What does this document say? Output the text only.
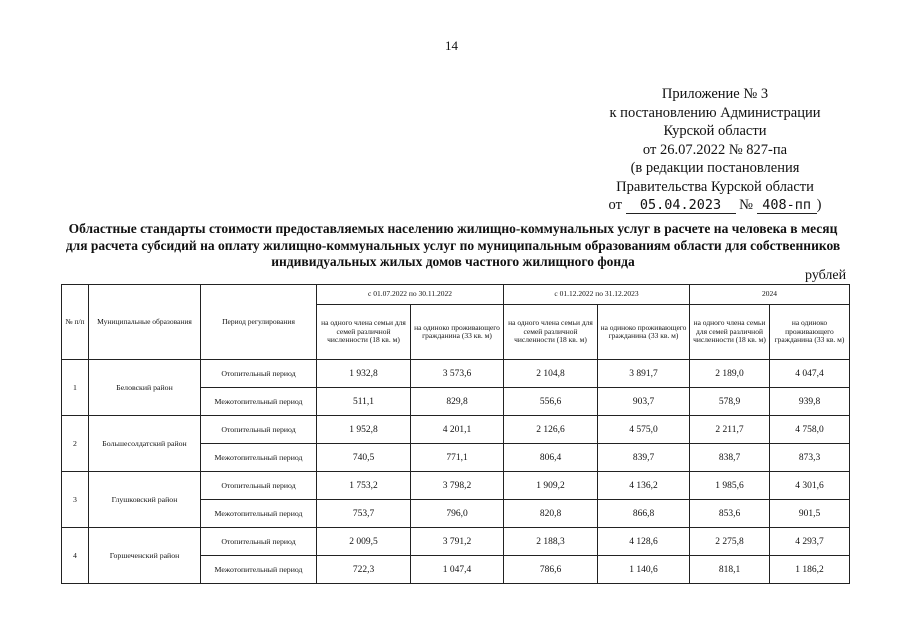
14
Приложение № 3
к постановлению Администрации
Курской области
от 26.07.2022 № 827-па
(в редакции постановления
Правительства Курской области
от 05.04.2023 № 408-пп )
Областные стандарты стоимости предоставляемых населению жилищно-коммунальных услуг в расчете на человека в месяц для расчета субсидий на оплату жилищно-коммунальных услуг по муниципальным образованиям области для собственников индивидуальных жилых домов частного жилищного фонда
рублей
№ п/п	Муниципальные образования	Период регулирования	с 01.07.2022 по 30.11.2022		с 01.12.2022 по 31.12.2023		2024	
			на одного члена семьи для семей различной численности (18 кв. м)	на одиноко проживающего гражданина (33 кв. м)	на одного члена семьи для семей различной численности (18 кв. м)	на одиноко проживающего гражданина (33 кв. м)	на одного члена семьи для семей различной численности (18 кв. м)	на одиноко проживающего гражданина (33 кв. м)
1	Беловский район	Отопительный период	1 932,8	3 573,6	2 104,8	3 891,7	2 189,0	4 047,4
		Межотопительный период	511,1	829,8	556,6	903,7	578,9	939,8
2	Большесолдатский район	Отопительный период	1 952,8	4 201,1	2 126,6	4 575,0	2 211,7	4 758,0
		Межотопительный период	740,5	771,1	806,4	839,7	838,7	873,3
3	Глушковский район	Отопительный период	1 753,2	3 798,2	1 909,2	4 136,2	1 985,6	4 301,6
		Межотопительный период	753,7	796,0	820,8	866,8	853,6	901,5
4	Горшеченский район	Отопительный период	2 009,5	3 791,2	2 188,3	4 128,6	2 275,8	4 293,7
		Межотопительный период	722,3	1 047,4	786,6	1 140,6	818,1	1 186,2
